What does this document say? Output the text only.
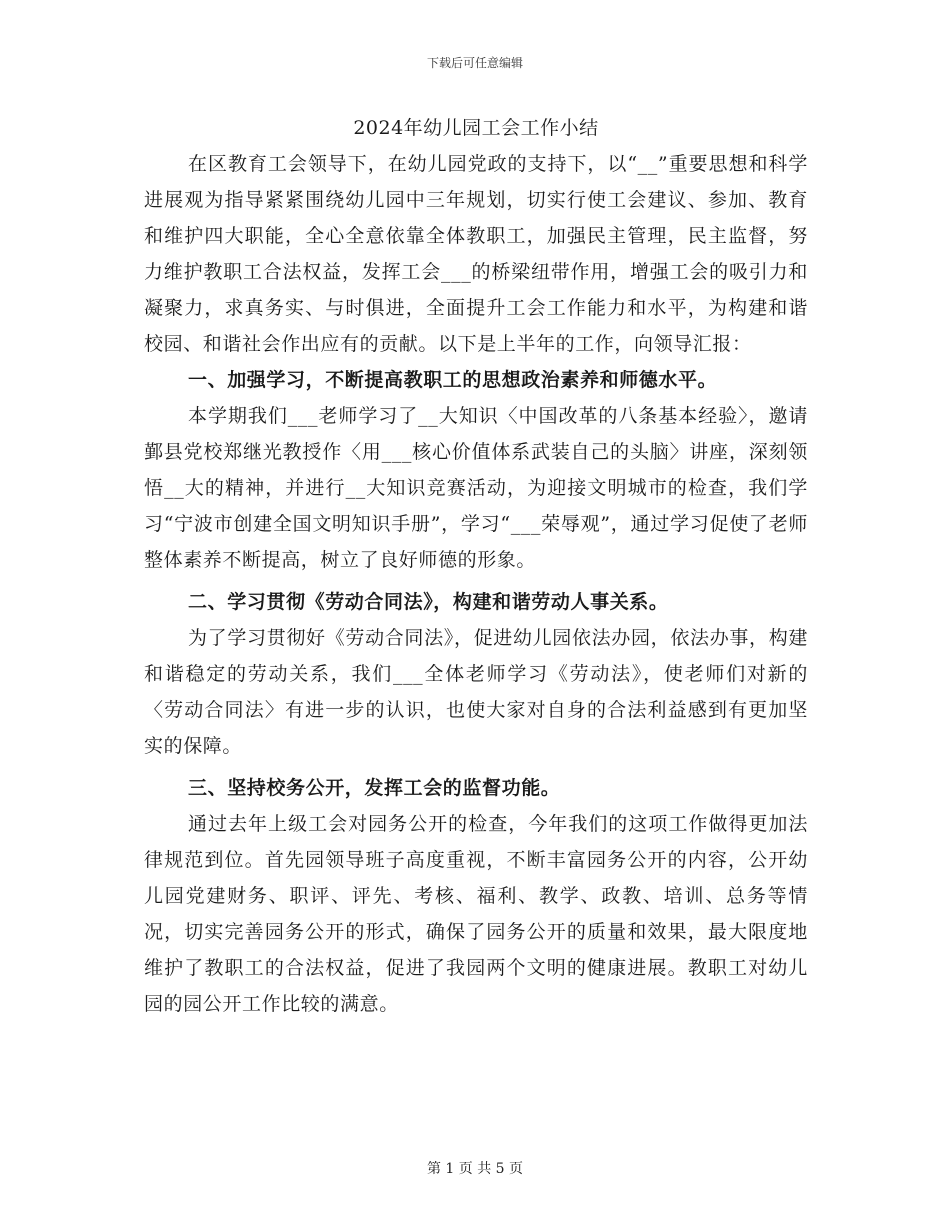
下载后可任意编辑
2024年幼儿园工会工作小结

在区教育工会领导下，在幼儿园党政的支持下，以“__”重要思想和科学进展观为指导紧紧围绕幼儿园中三年规划，切实行使工会建议、参加、教育和维护四大职能，全心全意依靠全体教职工，加强民主管理，民主监督，努力维护教职工合法权益，发挥工会___的桥梁纽带作用，增强工会的吸引力和凝聚力，求真务实、与时俱进，全面提升工会工作能力和水平，为构建和谐校园、和谐社会作出应有的贡献。以下是上半年的工作，向领导汇报：

一、加强学习，不断提高教职工的思想政治素养和师德水平。

本学期我们___老师学习了__大知识〈中国改革的八条基本经验〉，邀请鄞县党校郑继光教授作〈用___核心价值体系武装自己的头脑〉讲座，深刻领悟__大的精神，并进行__大知识竞赛活动，为迎接文明城市的检查，我们学习“宁波市创建全国文明知识手册”，学习“___荣辱观”，通过学习促使了老师整体素养不断提高，树立了良好师德的形象。

二、学习贯彻《劳动合同法》，构建和谐劳动人事关系。

为了学习贯彻好《劳动合同法》，促进幼儿园依法办园，依法办事，构建和谐稳定的劳动关系，我们___全体老师学习《劳动法》，使老师们对新的〈劳动合同法〉有进一步的认识，也使大家对自身的合法利益感到有更加坚实的保障。

三、坚持校务公开，发挥工会的监督功能。

通过去年上级工会对园务公开的检查，今年我们的这项工作做得更加法律规范到位。首先园领导班子高度重视，不断丰富园务公开的内容，公开幼儿园党建财务、职评、评先、考核、福利、教学、政教、培训、总务等情况，切实完善园务公开的形式，确保了园务公开的质量和效果，最大限度地维护了教职工的合法权益，促进了我园两个文明的健康进展。教职工对幼儿园的园公开工作比较的满意。

第 1 页 共 5 页
